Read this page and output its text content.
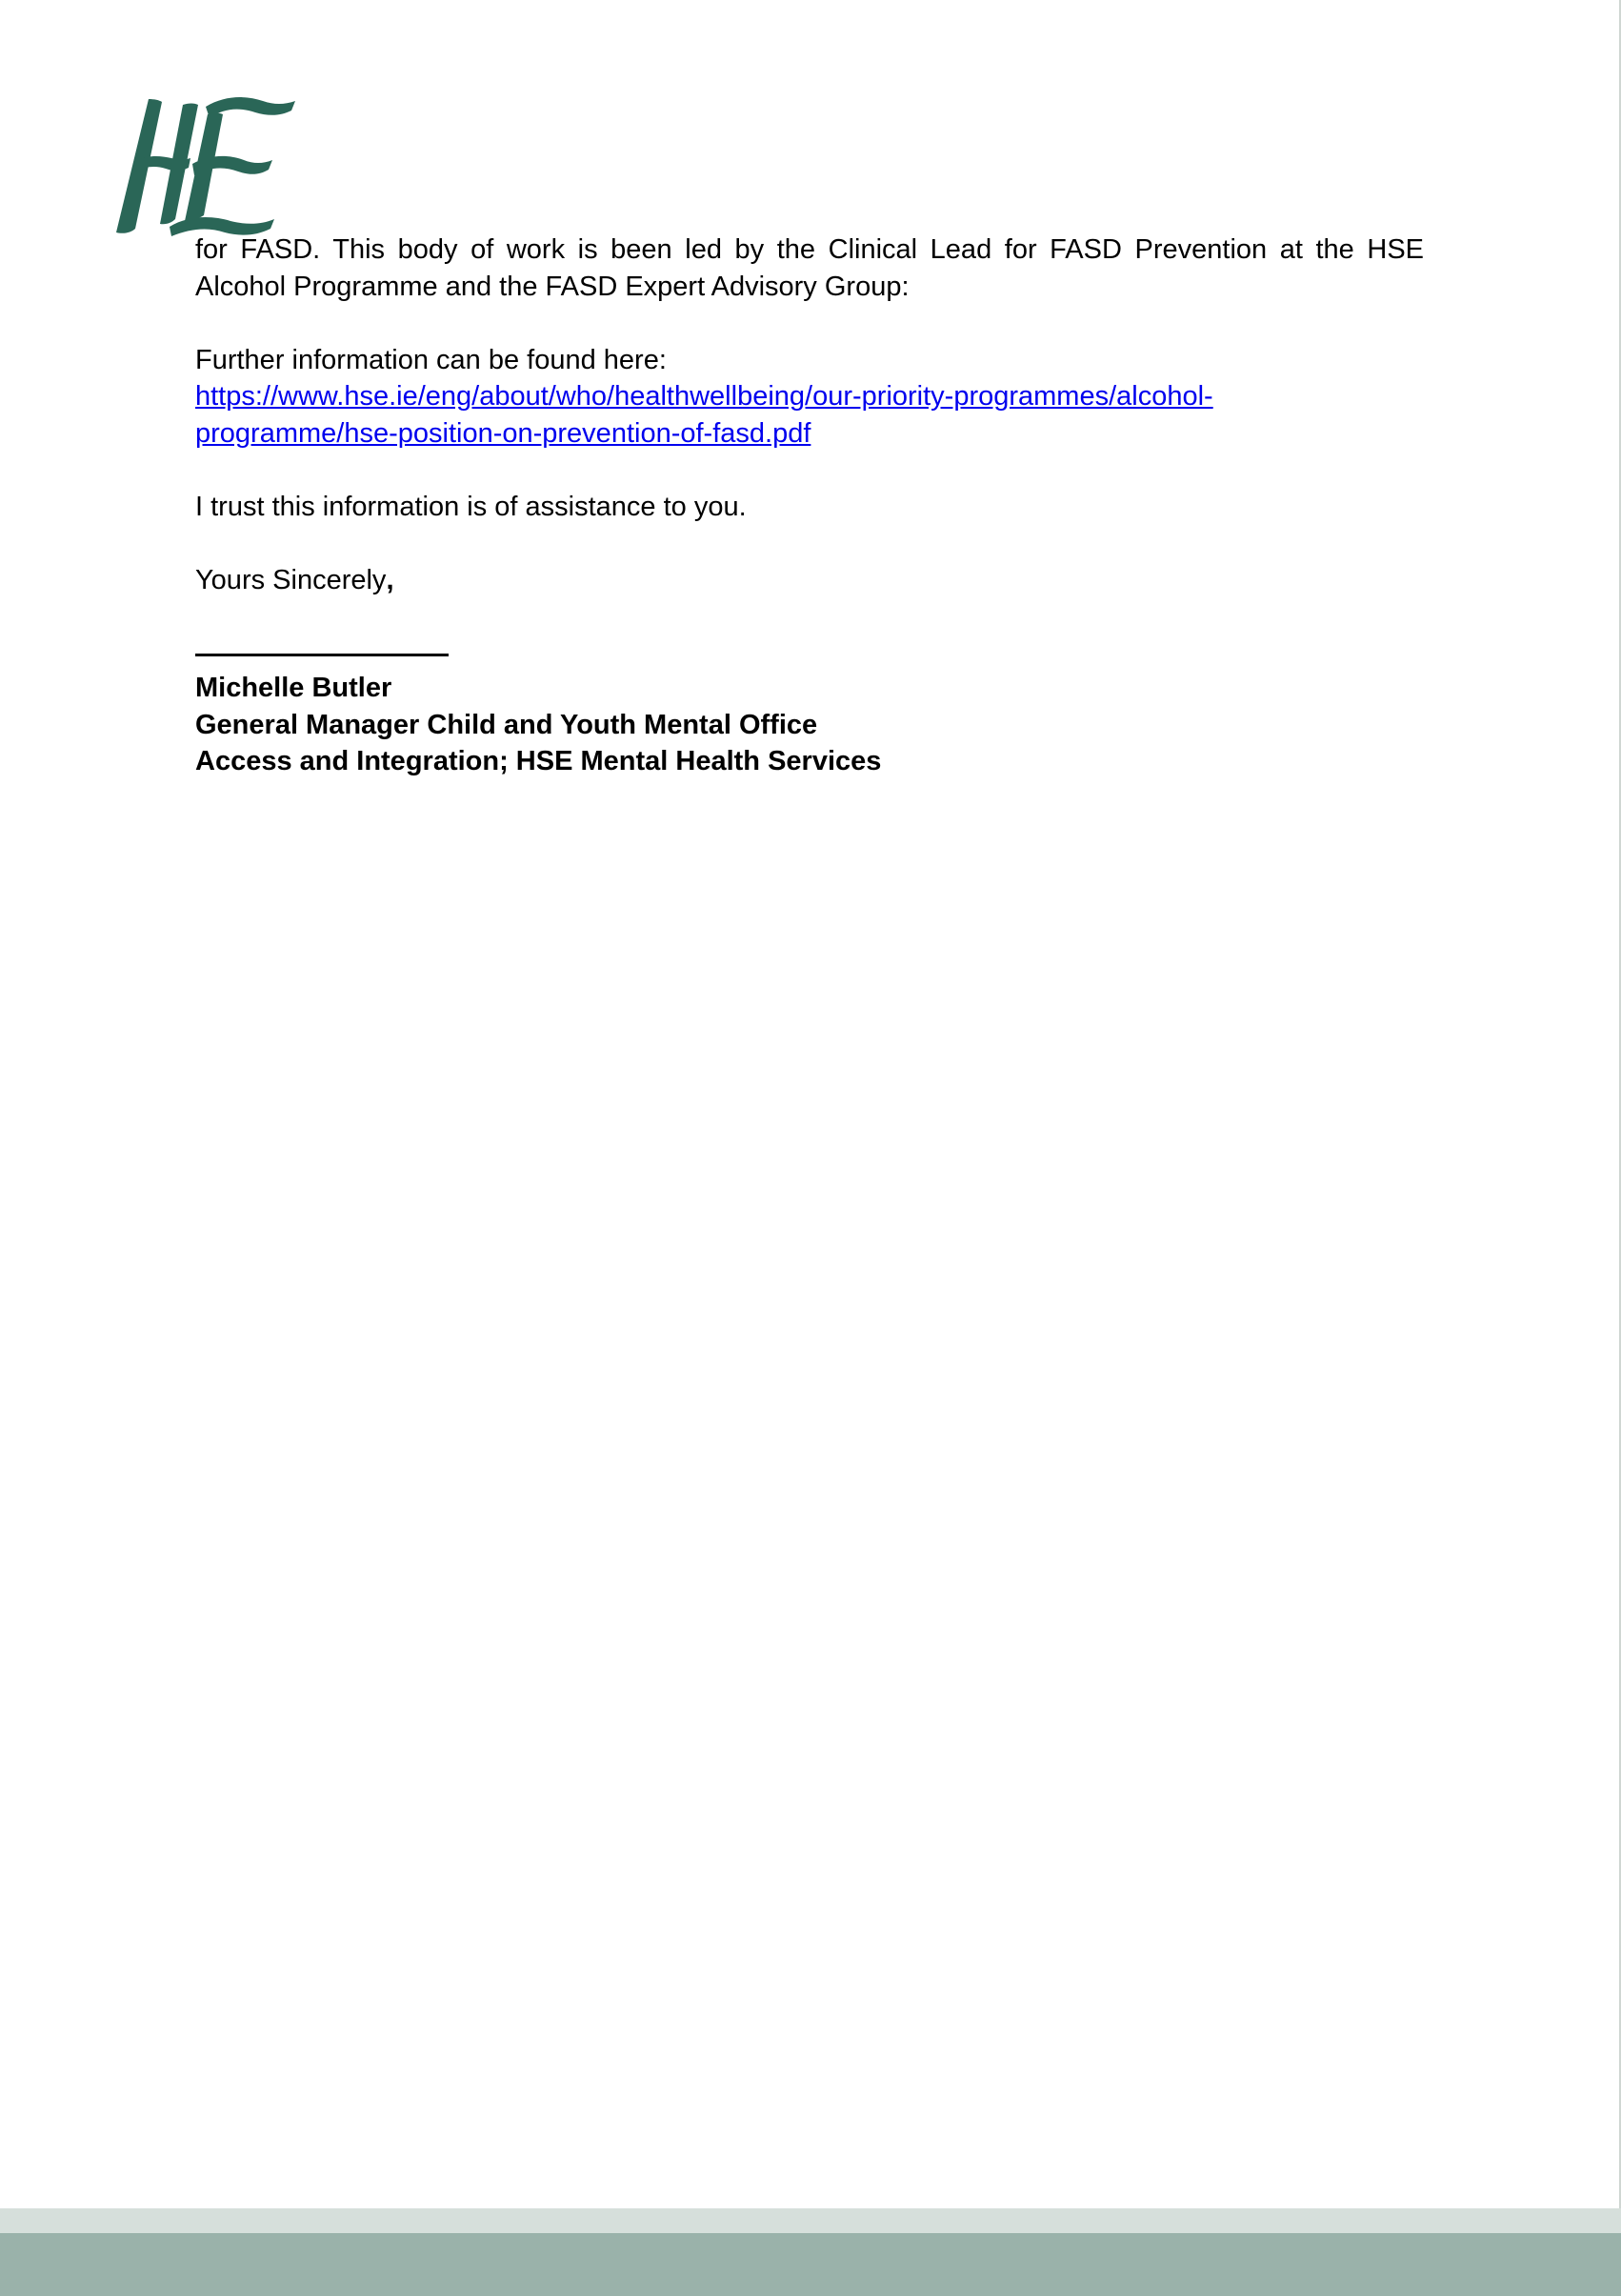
for FASD. This body of work is been led by the Clinical Lead for FASD Prevention at the HSE Alcohol Programme and the FASD Expert Advisory Group:

Further information can be found here:

https://www.hse.ie/eng/about/who/healthwellbeing/our-priority-programmes/alcohol-
programme/hse-position-on-prevention-of-fasd.pdf

I trust this information is of assistance to you.

Yours Sincerely,

Michelle Butler

General Manager Child and Youth Mental Office

Access and Integration; HSE Mental Health Services
